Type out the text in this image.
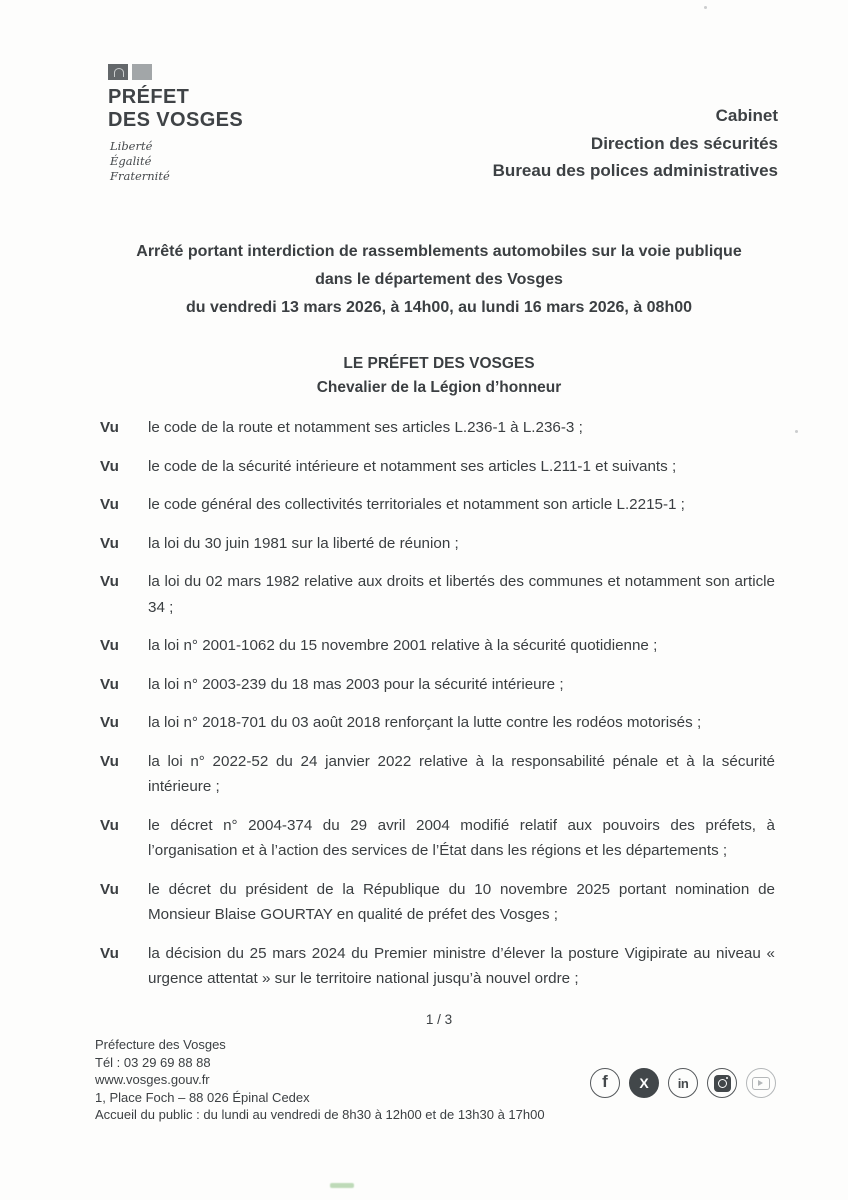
PRÉFET
DES VOSGES
Liberté
Égalité
Fraternité
Cabinet
Direction des sécurités
Bureau des polices administratives

Arrêté portant interdiction de rassemblements automobiles sur la voie publique

dans le département des Vosges

du vendredi 13 mars 2026, à 14h00, au lundi 16 mars 2026, à 08h00

LE PRÉFET DES VOSGES

Chevalier de la Légion d’honneur

Vu	le code de la route et notamment ses articles L.236-1 à L.236-3 ;
Vu	le code de la sécurité intérieure et notamment ses articles L.211-1 et suivants ;
Vu	le code général des collectivités territoriales et notamment son article L.2215-1 ;
Vu	la loi du 30 juin 1981 sur la liberté de réunion ;
Vu	la loi du 02 mars 1982 relative aux droits et libertés des communes et notamment son article 34 ;
Vu	la loi n° 2001-1062 du 15 novembre 2001 relative à la sécurité quotidienne ;
Vu	la loi n° 2003-239 du 18 mas 2003 pour la sécurité intérieure ;
Vu	la loi n° 2018-701 du 03 août 2018 renforçant la lutte contre les rodéos motorisés ;
Vu	la loi n° 2022-52 du 24 janvier 2022 relative à la responsabilité pénale et à la sécurité intérieure ;
Vu	le décret n° 2004-374 du 29 avril 2004 modifié relatif aux pouvoirs des préfets, à l’organisation et à l’action des services de l’État dans les régions et les départements ;
Vu	le décret du président de la République du 10 novembre 2025 portant nomination de Monsieur Blaise GOURTAY en qualité de préfet des Vosges ;
Vu	la décision du 25 mars 2024 du Premier ministre d’élever la posture Vigipirate au niveau « urgence attentat » sur le territoire national jusqu’à nouvel ordre ;
1 / 3
Préfecture des Vosges
Tél : 03 29 69 88 88
www.vosges.gouv.fr
1, Place Foch – 88 026 Épinal Cedex
Accueil du public : du lundi au vendredi de 8h30 à 12h00 et de 13h30 à 17h00
f X in
